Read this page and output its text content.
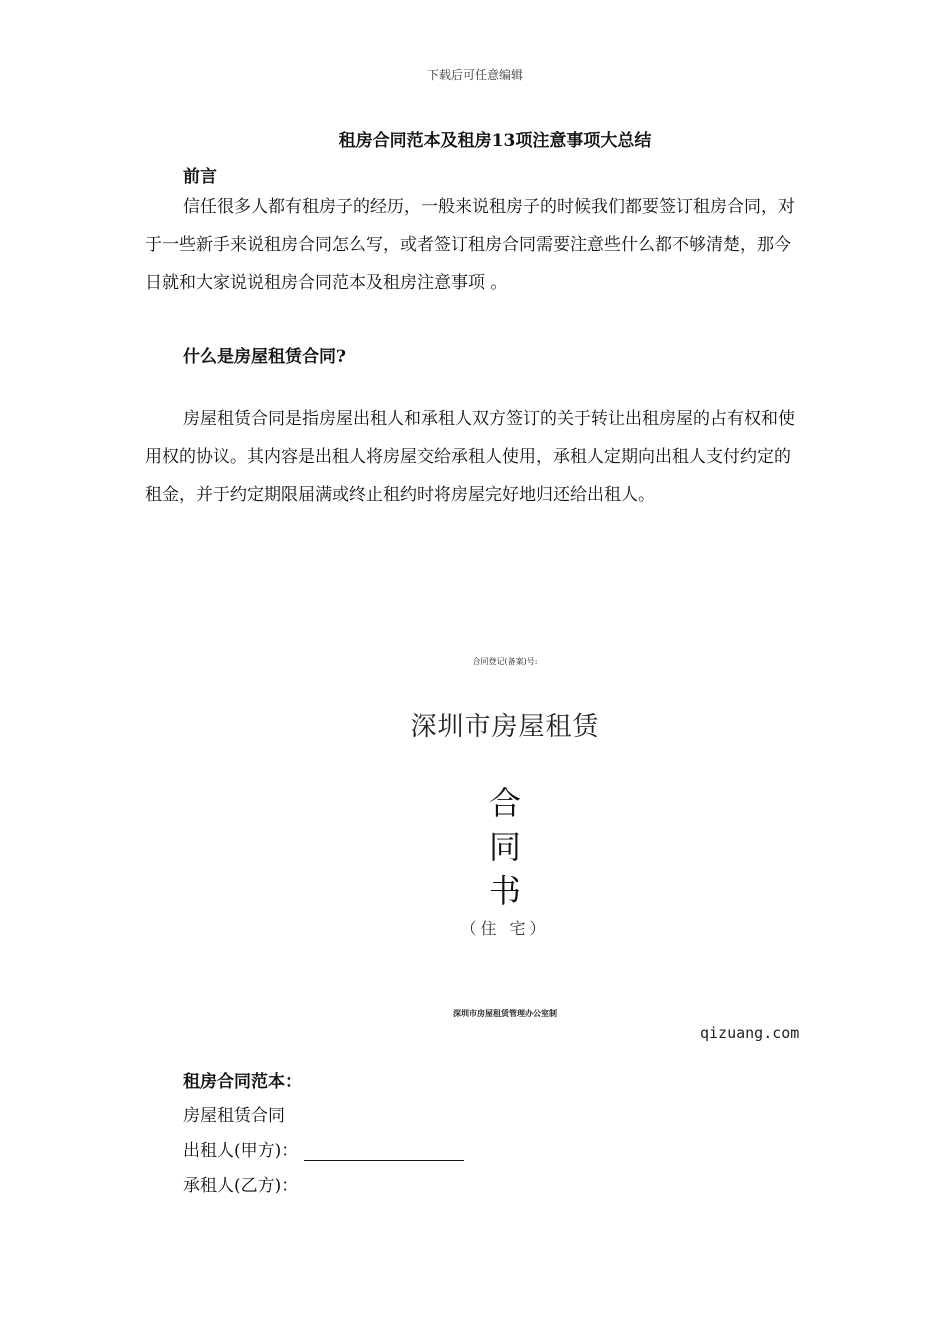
下载后可任意编辑
租房合同范本及租房13项注意事项大总结
前言

信任很多人都有租房子的经历，一般来说租房子的时候我们都要签订租房合同，对于一些新手来说租房合同怎么写，或者签订租房合同需要注意些什么都不够清楚，那今日就和大家说说租房合同范本及租房注意事项 。

什么是房屋租赁合同?

房屋租赁合同是指房屋出租人和承租人双方签订的关于转让出租房屋的占有权和使用权的协议。其内容是出租人将房屋交给承租人使用，承租人定期向出租人支付约定的租金，并于约定期限届满或终止租约时将房屋完好地归还给出租人。

合同登记(备案)号:
深圳市房屋租赁
合
同
书
（住 宅）
深圳市房屋租赁管理办公室制
qizuang.com
租房合同范本：
房屋租赁合同
出租人(甲方)：
承租人(乙方)：
